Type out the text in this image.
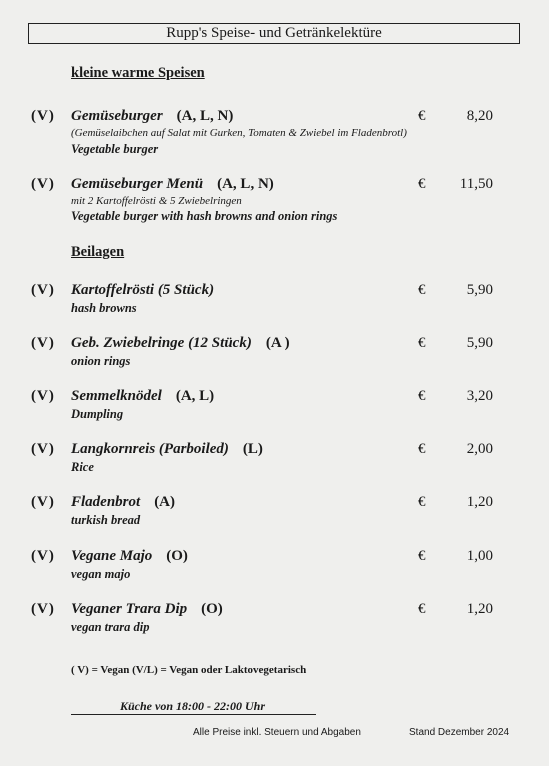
Rupp's Speise- und Getränkelektüre
kleine warme Speisen
(V) Gemüseburger (A, L, N)	€	8,20
(Gemüselaibchen auf Salat mit Gurken, Tomaten & Zwiebel im Fladenbrotl)
Vegetable burger
(V) Gemüseburger Menü (A, L, N)	€ 11,50
mit 2 Kartoffelrösti & 5 Zwiebelringen
Vegetable burger with hash browns and onion rings
Beilagen
(V) Kartoffelrösti (5 Stück)	€	5,90
hash browns
(V) Geb. Zwiebelringe (12 Stück) (A )	€	5,90
onion rings
(V) Semmelknödel (A, L)	€	3,20
Dumpling
(V) Langkornreis (Parboiled) (L)	€	2,00
Rice
(V) Fladenbrot (A)	€	1,20
turkish bread
(V) Vegane Majo (O)	€	1,00
vegan majo
(V) Veganer Trara Dip (O)	€	1,20
vegan trara dip
( V) = Vegan (V/L) = Vegan oder Laktovegetarisch
Küche von 18:00 - 22:00 Uhr
Alle Preise inkl. Steuern und Abgaben	Stand Dezember 2024
